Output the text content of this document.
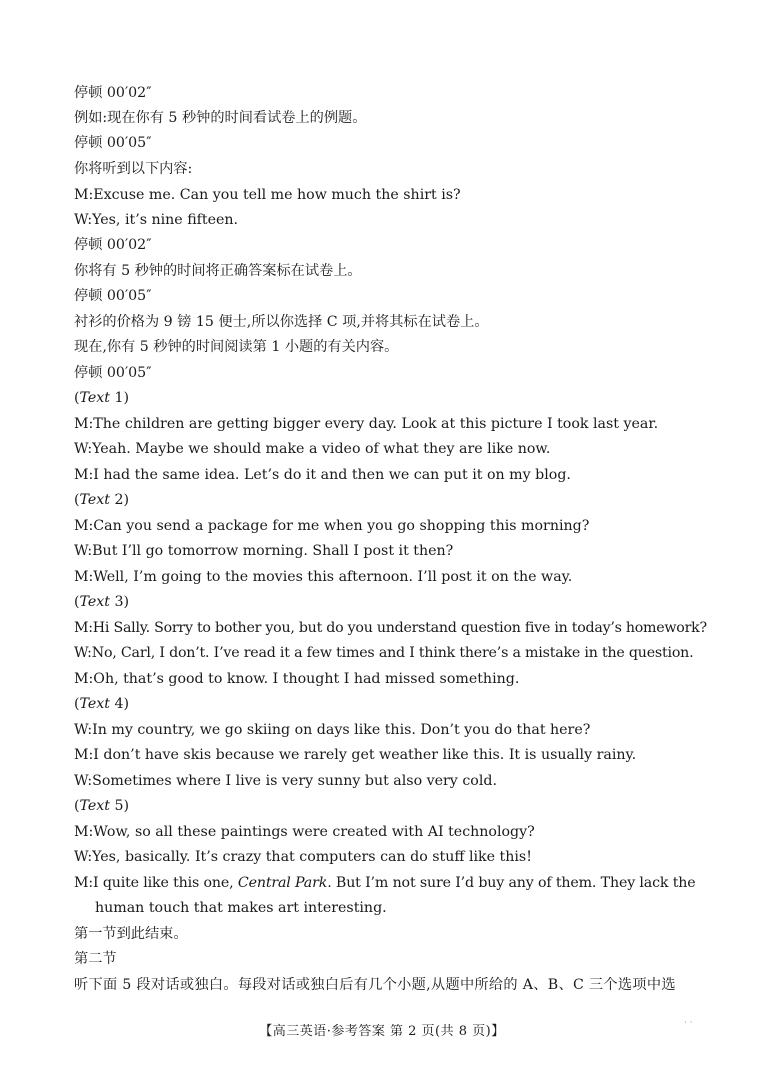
停顿 00′02″
例如:现在你有 5 秒钟的时间看试卷上的例题。
停顿 00′05″
你将听到以下内容:
M:Excuse me. Can you tell me how much the shirt is?
W:Yes, it’s nine fifteen.
停顿 00′02″
你将有 5 秒钟的时间将正确答案标在试卷上。
停顿 00′05″
衬衫的价格为 9 镑 15 便士,所以你选择 C 项,并将其标在试卷上。
现在,你有 5 秒钟的时间阅读第 1 小题的有关内容。
停顿 00′05″
(Text 1)
M:The children are getting bigger every day. Look at this picture I took last year.
W:Yeah. Maybe we should make a video of what they are like now.
M:I had the same idea. Let’s do it and then we can put it on my blog.
(Text 2)
M:Can you send a package for me when you go shopping this morning?
W:But I’ll go tomorrow morning. Shall I post it then?
M:Well, I’m going to the movies this afternoon. I’ll post it on the way.
(Text 3)
M:Hi Sally. Sorry to bother you, but do you understand question five in today’s homework?
W:No, Carl, I don’t. I’ve read it a few times and I think there’s a mistake in the question.
M:Oh, that’s good to know. I thought I had missed something.
(Text 4)
W:In my country, we go skiing on days like this. Don’t you do that here?
M:I don’t have skis because we rarely get weather like this. It is usually rainy.
W:Sometimes where I live is very sunny but also very cold.
(Text 5)
M:Wow, so all these paintings were created with AI technology?
W:Yes, basically. It’s crazy that computers can do stuff like this!
M:I quite like this one, Central Park. But I’m not sure I’d buy any of them. They lack the
human touch that makes art interesting.
第一节到此结束。
第二节
听下面 5 段对话或独白。每段对话或独白后有几个小题,从题中所给的 A、B、C 三个选项中选
【高三英语·参考答案 第 2 页(共 8 页)】
· ·
